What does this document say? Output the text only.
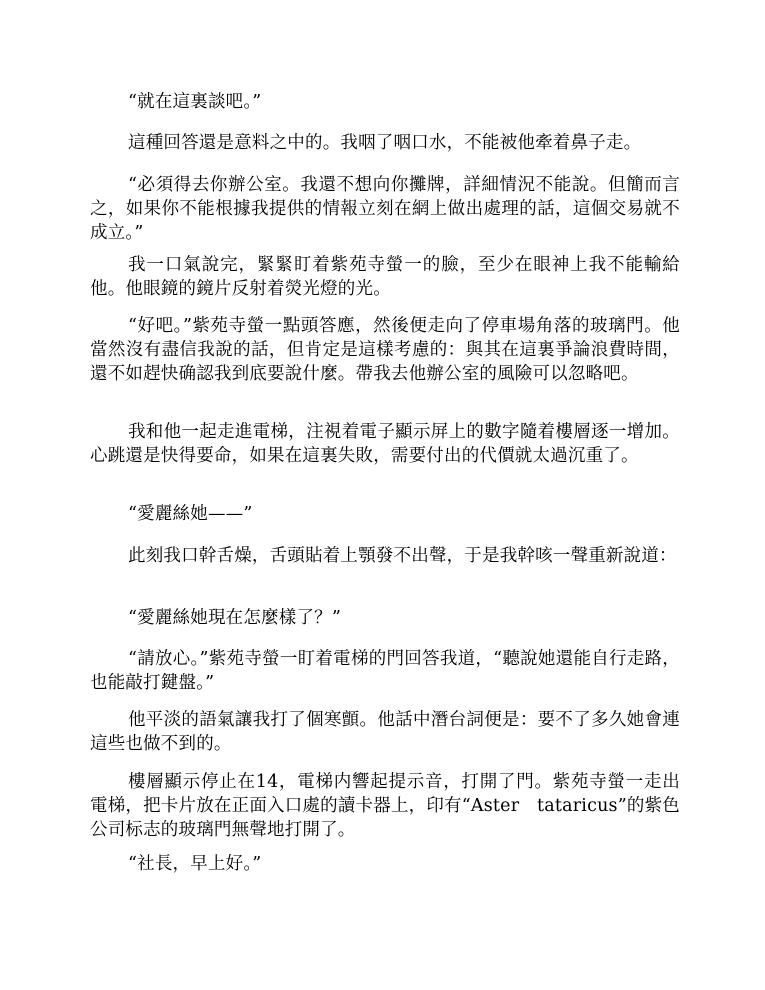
“就在這裏談吧。”

這種回答還是意料之中的。我咽了咽口水，不能被他牽着鼻子走。

“必須得去你辦公室。我還不想向你攤牌，詳細情況不能說。但簡而言之，如果你不能根據我提供的情報立刻在網上做出處理的話，這個交易就不成立。”

我一口氣說完，緊緊盯着紫苑寺螢一的臉，至少在眼神上我不能輸給他。他眼鏡的鏡片反射着熒光燈的光。

“好吧。”紫苑寺螢一點頭答應，然後便走向了停車場角落的玻璃門。他當然沒有盡信我說的話，但肯定是這樣考慮的：與其在這裏爭論浪費時間，還不如趕快确認我到底要說什麼。帶我去他辦公室的風險可以忽略吧。

我和他一起走進電梯，注視着電子顯示屏上的數字隨着樓層逐一增加。心跳還是快得要命，如果在這裏失敗，需要付出的代價就太過沉重了。

“愛麗絲她——”

此刻我口幹舌燥，舌頭貼着上顎發不出聲，于是我幹咳一聲重新說道：

“愛麗絲她現在怎麼樣了？”

“請放心。”紫苑寺螢一盯着電梯的門回答我道，“聽說她還能自行走路，也能敲打鍵盤。”

他平淡的語氣讓我打了個寒顫。他話中潛台詞便是：要不了多久她會連這些也做不到的。

樓層顯示停止在14，電梯内響起提示音，打開了門。紫苑寺螢一走出電梯，把卡片放在正面入口處的讀卡器上，印有“Aster　tataricus”的紫色公司标志的玻璃門無聲地打開了。

“社長，早上好。”
